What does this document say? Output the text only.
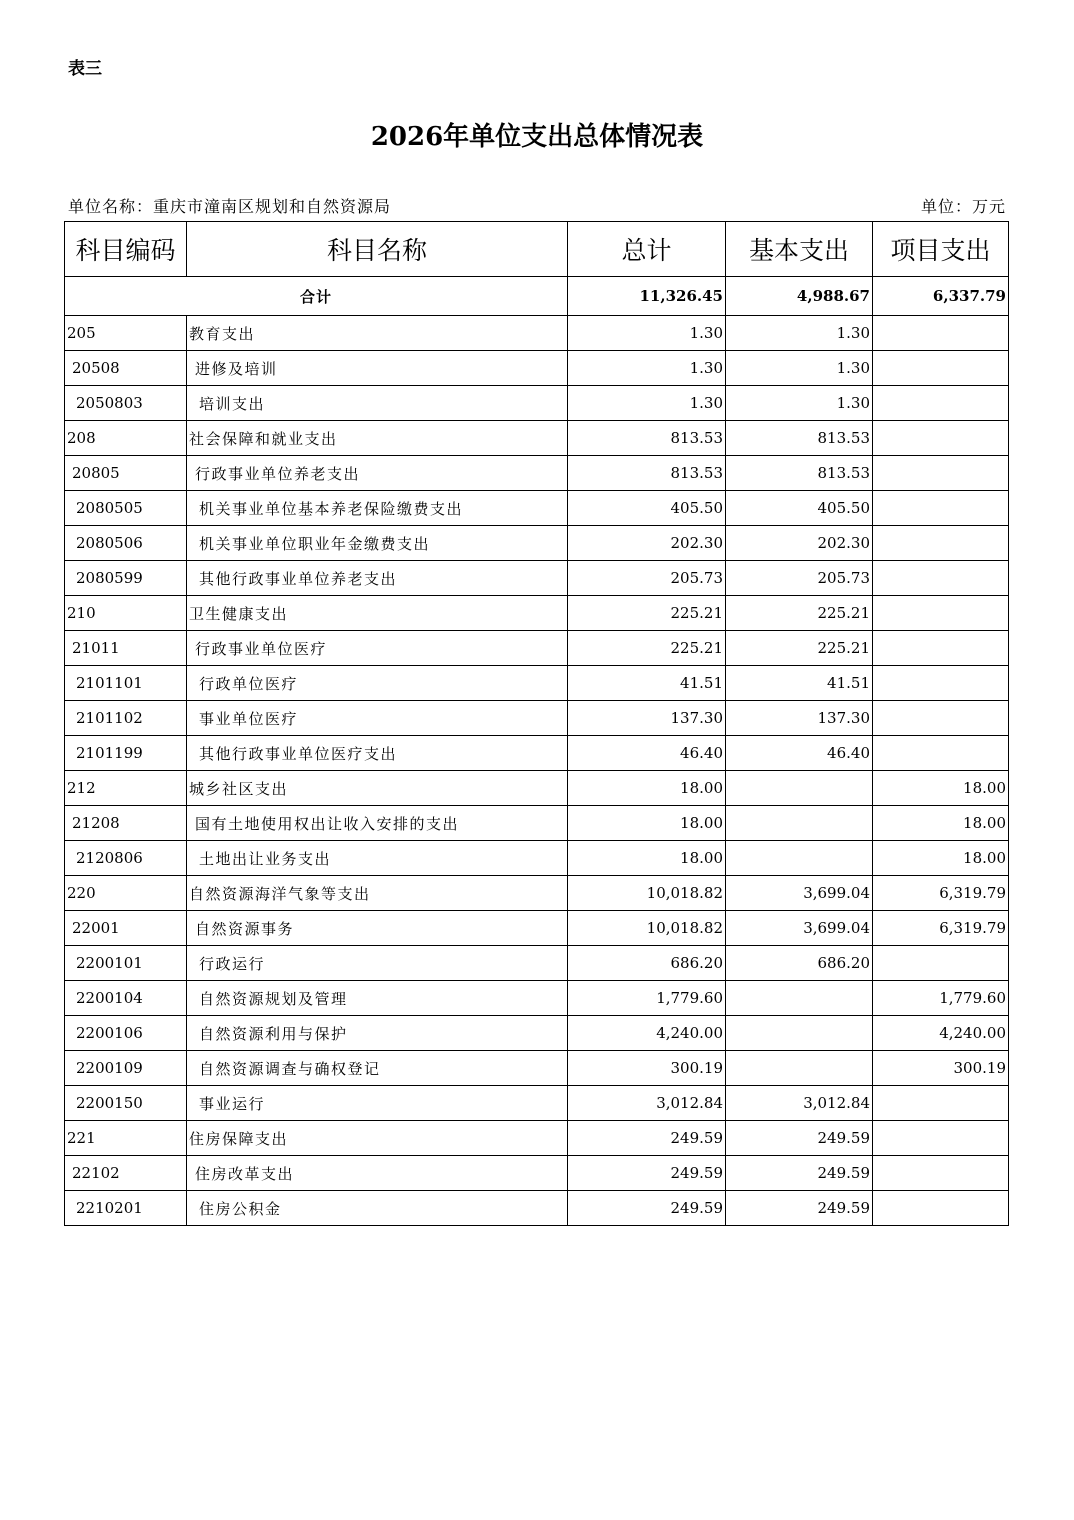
表三
2026年单位支出总体情况表
单位名称：重庆市潼南区规划和自然资源局	单位：万元
科目编码	科目名称	总计	基本支出	项目支出
合计		11,326.45	4,988.67	6,337.79
205	教育支出	1.30	1.30	
20508	进修及培训	1.30	1.30	
2050803	培训支出	1.30	1.30	
208	社会保障和就业支出	813.53	813.53	
20805	行政事业单位养老支出	813.53	813.53	
2080505	机关事业单位基本养老保险缴费支出	405.50	405.50	
2080506	机关事业单位职业年金缴费支出	202.30	202.30	
2080599	其他行政事业单位养老支出	205.73	205.73	
210	卫生健康支出	225.21	225.21	
21011	行政事业单位医疗	225.21	225.21	
2101101	行政单位医疗	41.51	41.51	
2101102	事业单位医疗	137.30	137.30	
2101199	其他行政事业单位医疗支出	46.40	46.40	
212	城乡社区支出	18.00		18.00
21208	国有土地使用权出让收入安排的支出	18.00		18.00
2120806	土地出让业务支出	18.00		18.00
220	自然资源海洋气象等支出	10,018.82	3,699.04	6,319.79
22001	自然资源事务	10,018.82	3,699.04	6,319.79
2200101	行政运行	686.20	686.20	
2200104	自然资源规划及管理	1,779.60		1,779.60
2200106	自然资源利用与保护	4,240.00		4,240.00
2200109	自然资源调查与确权登记	300.19		300.19
2200150	事业运行	3,012.84	3,012.84	
221	住房保障支出	249.59	249.59	
22102	住房改革支出	249.59	249.59	
2210201	住房公积金	249.59	249.59	
